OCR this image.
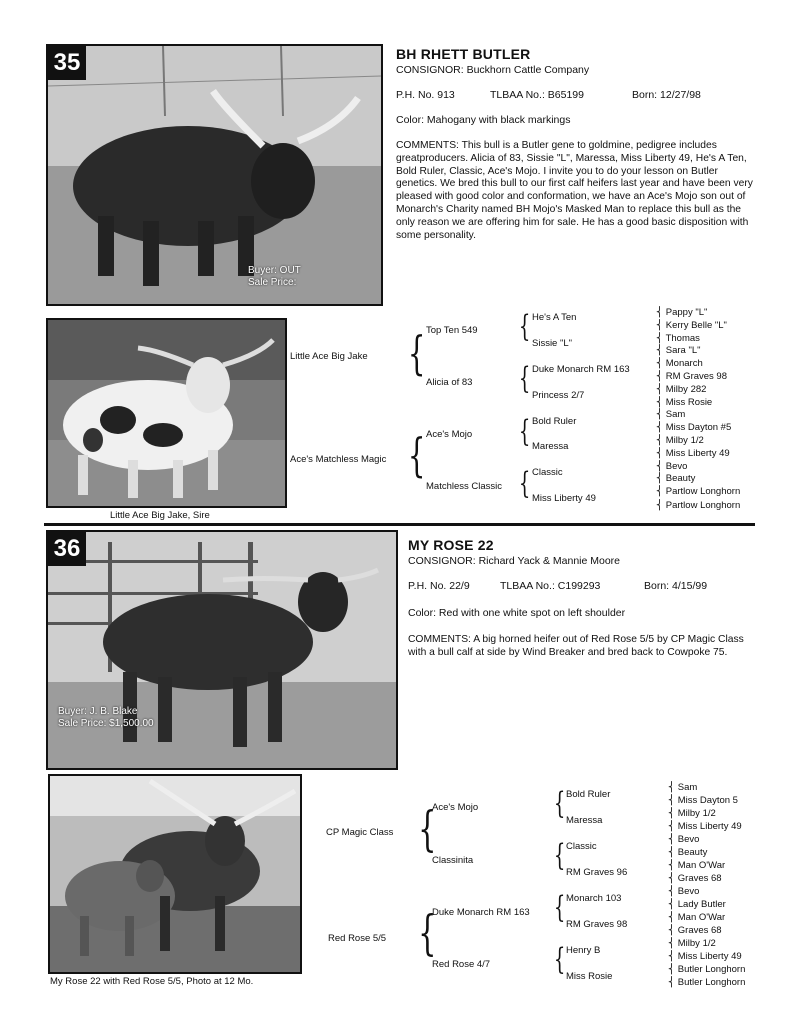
35
Buyer: OUT
Sale Price:
BH RHETT BUTLER
CONSIGNOR: Buckhorn Cattle Company
P.H. No. 913	TLBAA No.: B65199	Born: 12/27/98
Color: Mahogany with black markings
COMMENTS: This bull is a Butler gene to goldmine, pedigree includes greatproducers. Alicia of 83, Sissie "L", Maressa, Miss Liberty 49, He's A Ten, Bold Ruler, Classic, Ace's Mojo. I invite you to do your lesson on Butler genetics. We bred this bull to our first calf heifers last year and have been very pleased with good color and conformation, we have an Ace's Mojo son out of Monarch's Charity named BH Mojo's Masked Man to replace this bull as the only reason we are offering him for sale. He has a good basic disposition with some personality.
Little Ace Big Jake, Sire
Little Ace Big Jake
Ace's Matchless Magic
{
{
Top Ten 549
Alicia of 83
Ace's Mojo
Matchless Classic
{
{
{
{
He's A Ten
Sissie "L"
Duke Monarch RM 163
Princess 2/7
Bold Ruler
Maressa
Classic
Miss Liberty 49
⎨ Pappy "L"
⎨ Kerry Belle "L"
⎨ Thomas
⎨ Sara "L"
⎨ Monarch
⎨ RM Graves 98
⎨ Milby 282
⎨ Miss Rosie
⎨ Sam
⎨ Miss Dayton #5
⎨ Milby 1/2
⎨ Miss Liberty 49
⎨ Bevo
⎨ Beauty
⎨ Partlow Longhorn
⎨ Partlow Longhorn
36
Buyer: J. B. Blake
Sale Price: $1,500.00
MY ROSE 22
CONSIGNOR: Richard Yack & Mannie Moore
P.H. No. 22/9	TLBAA No.: C199293	Born: 4/15/99
Color: Red with one white spot on left shoulder
COMMENTS: A big horned heifer out of Red Rose 5/5 by CP Magic Class with a bull calf at side by Wind Breaker and bred back to Cowpoke 75.
My Rose 22 with Red Rose 5/5, Photo at 12 Mo.
CP Magic Class
Red Rose 5/5
{
{
Ace's Mojo
Classinita
Duke Monarch RM 163
Red Rose 4/7
{
{
{
{
Bold Ruler
Maressa
Classic
RM Graves 96
Monarch 103
RM Graves 98
Henry B
Miss Rosie
⎨ Sam
⎨ Miss Dayton 5
⎨ Milby 1/2
⎨ Miss Liberty 49
⎨ Bevo
⎨ Beauty
⎨ Man O'War
⎨ Graves 68
⎨ Bevo
⎨ Lady Butler
⎨ Man O'War
⎨ Graves 68
⎨ Milby 1/2
⎨ Miss Liberty 49
⎨ Butler Longhorn
⎨ Butler Longhorn
